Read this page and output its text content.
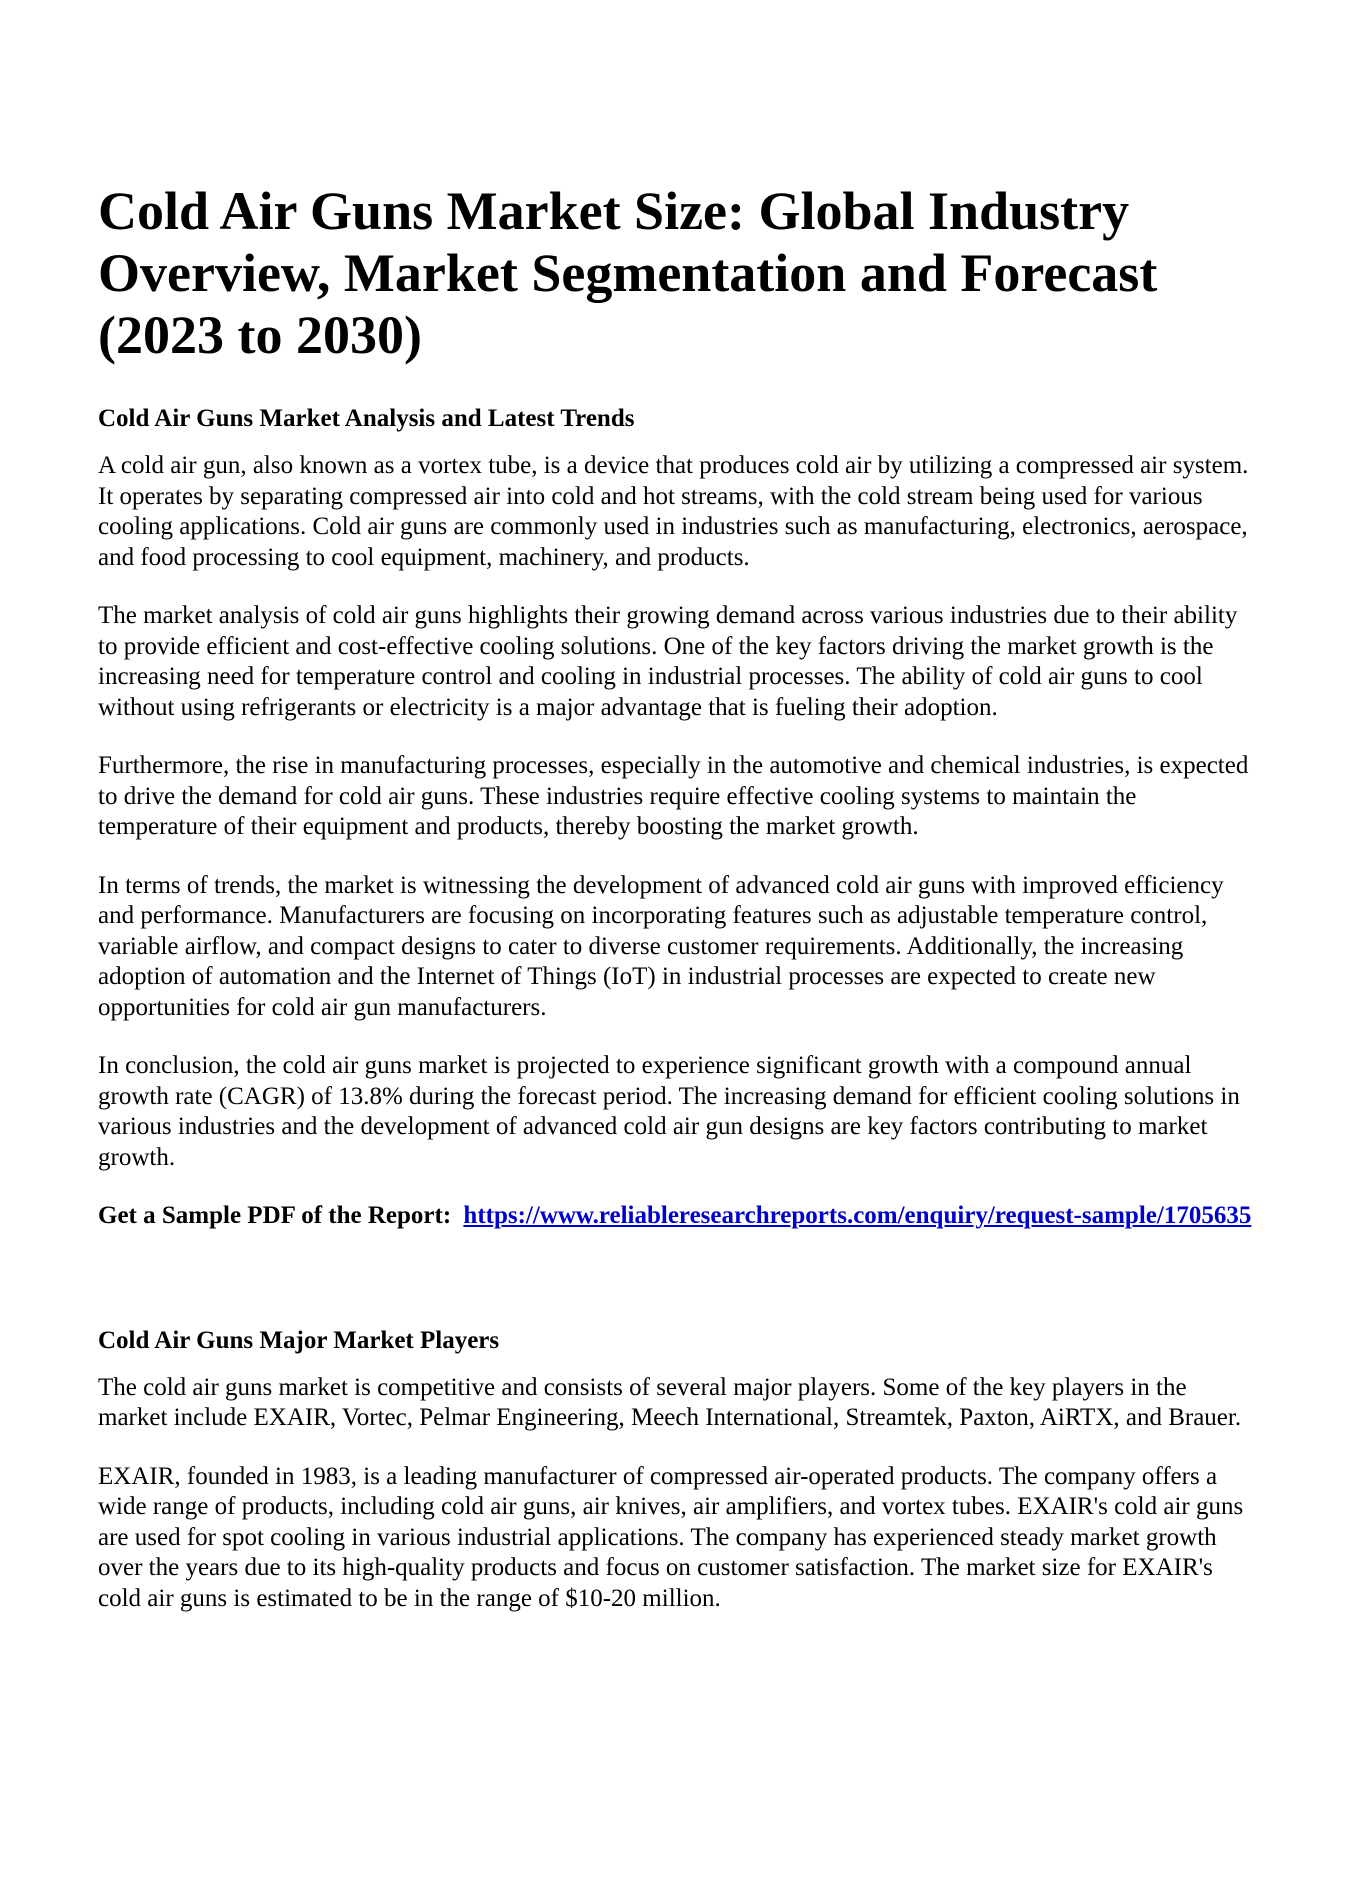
Cold Air Guns Market Size: Global Industry Overview, Market Segmentation and Forecast (2023 to 2030)
Cold Air Guns Market Analysis and Latest Trends

A cold air gun, also known as a vortex tube, is a device that produces cold air by utilizing a compressed air system. It operates by separating compressed air into cold and hot streams, with the cold stream being used for various cooling applications. Cold air guns are commonly used in industries such as manufacturing, electronics, aerospace, and food processing to cool equipment, machinery, and products.

The market analysis of cold air guns highlights their growing demand across various industries due to their ability to provide efficient and cost-effective cooling solutions. One of the key factors driving the market growth is the increasing need for temperature control and cooling in industrial processes. The ability of cold air guns to cool without using refrigerants or electricity is a major advantage that is fueling their adoption.

Furthermore, the rise in manufacturing processes, especially in the automotive and chemical industries, is expected to drive the demand for cold air guns. These industries require effective cooling systems to maintain the temperature of their equipment and products, thereby boosting the market growth.

In terms of trends, the market is witnessing the development of advanced cold air guns with improved efficiency and performance. Manufacturers are focusing on incorporating features such as adjustable temperature control, variable airflow, and compact designs to cater to diverse customer requirements. Additionally, the increasing adoption of automation and the Internet of Things (IoT) in industrial processes are expected to create new opportunities for cold air gun manufacturers.

In conclusion, the cold air guns market is projected to experience significant growth with a compound annual growth rate (CAGR) of 13.8% during the forecast period. The increasing demand for efficient cooling solutions in various industries and the development of advanced cold air gun designs are key factors contributing to market growth.

Get a Sample PDF of the Report: https://www.reliableresearchreports.com/enquiry/request-sample/1705635

Cold Air Guns Major Market Players

The cold air guns market is competitive and consists of several major players. Some of the key players in the market include EXAIR, Vortec, Pelmar Engineering, Meech International, Streamtek, Paxton, AiRTX, and Brauer.

EXAIR, founded in 1983, is a leading manufacturer of compressed air-operated products. The company offers a wide range of products, including cold air guns, air knives, air amplifiers, and vortex tubes. EXAIR's cold air guns are used for spot cooling in various industrial applications. The company has experienced steady market growth over the years due to its high-quality products and focus on customer satisfaction. The market size for EXAIR's cold air guns is estimated to be in the range of $10-20 million.
